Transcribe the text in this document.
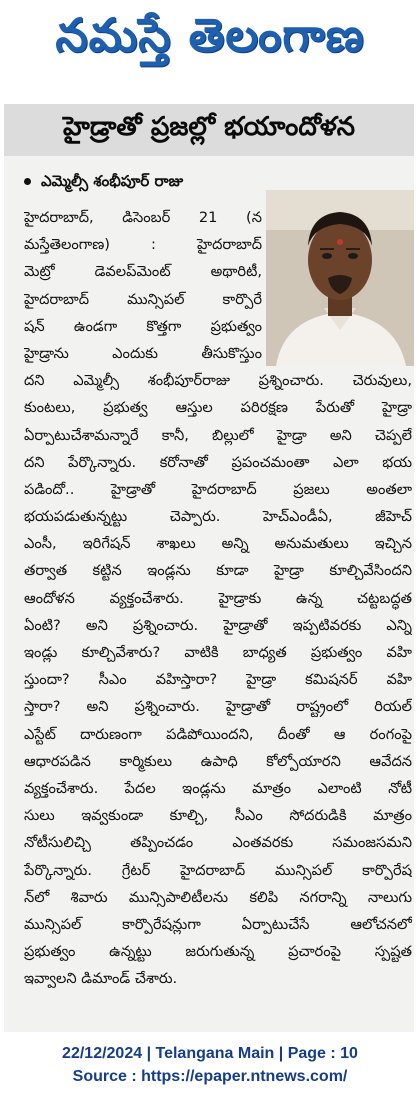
నమస్తే తెలంగాణ
హైడ్రాతో ప్రజల్లో భయాందోళన
ఎమ్మెల్సీ శంభీపూర్ రాజు
హైదరాబాద్, డిసెంబర్ 21 (న
మస్తేతెలంగాణ) : హైదరాబాద్
మెట్రో డెవలప్‌మెంట్ అథారిటీ,
హైదరాబాద్ మున్సిపల్ కార్పొరే
షన్ ఉండగా కొత్తగా ప్రభుత్వం
హైడ్రాను ఎందుకు తీసుకొస్తుం
దని ఎమ్మెల్సీ శంభీపూర్‌రాజు ప్రశ్నించారు. చెరువులు,
కుంటలు, ప్రభుత్వ ఆస్తుల పరిరక్షణ పేరుతో హైడ్రా
ఏర్పాటుచేశామన్నారే కానీ, బిల్లులో హైడ్రా అని చెప్పలే
దని పేర్కొన్నారు. కరోనాతో ప్రపంచమంతా ఎలా భయ
పడిందో.. హైడ్రాతో హైదరాబాద్ ప్రజలు అంతలా
భయపడుతున్నట్టు చెప్పారు. హెచ్‌ఎండీఏ, జీహెచ్
ఎంసీ, ఇరిగేషన్ శాఖలు అన్ని అనుమతులు ఇచ్చిన
తర్వాత కట్టిన ఇండ్లను కూడా హైడ్రా కూల్చివేసిందని
ఆందోళన వ్యక్తంచేశారు. హైడ్రాకు ఉన్న చట్టబద్ధత
ఏంటి? అని ప్రశ్నించారు. హైడ్రాతో ఇప్పటివరకు ఎన్ని
ఇండ్లు కూల్చివేశారు? వాటికి బాధ్యత ప్రభుత్వం వహి
స్తుందా? సీఎం వహిస్తారా? హైడ్రా కమిషనర్ వహి
స్తారా? అని ప్రశ్నించారు. హైడ్రాతో రాష్ట్రంలో రియల్
ఎస్టేట్ దారుణంగా పడిపోయిందని, దీంతో ఆ రంగంపై
ఆధారపడిన కార్మికులు ఉపాధి కోల్పోయారని ఆవేదన
వ్యక్తంచేశారు. పేదల ఇండ్లను మాత్రం ఎలాంటి నోటీ
సులు ఇవ్వకుండా కూల్చి, సీఎం సోదరుడికి మాత్రం
నోటీసులిచ్చి తప్పించడం ఎంతవరకు సమంజసమని
పేర్కొన్నారు. గ్రేటర్ హైదరాబాద్ మున్సిపల్ కార్పొరేష
న్‌లో శివారు మున్సిపాలిటీలను కలిపి నగరాన్ని నాలుగు
మున్సిపల్ కార్పొరేషన్లుగా ఏర్పాటుచేసే ఆలోచనలో
ప్రభుత్వం ఉన్నట్టు జరుగుతున్న ప్రచారంపై స్పష్టత
ఇవ్వాలని డిమాండ్ చేశారు.
22/12/2024 | Telangana Main | Page : 10
Source : https://epaper.ntnews.com/
